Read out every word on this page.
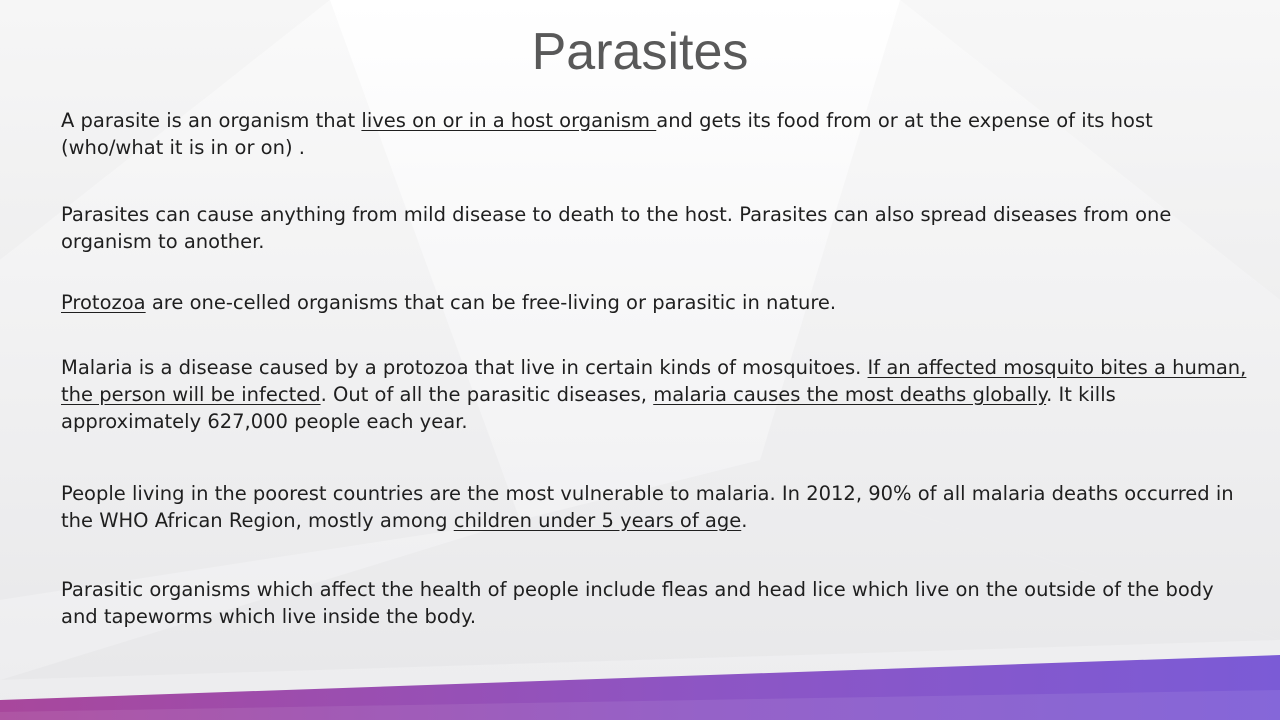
Parasites

A parasite is an organism that lives on or in a host organism and gets its food from or at the expense of its host (who/what it is in or on) .

Parasites can cause anything from mild disease to death to the host. Parasites can also spread diseases from one organism to another.

Protozoa are one-celled organisms that can be free-living or parasitic in nature.

Malaria is a disease caused by a protozoa that live in certain kinds of mosquitoes. If an affected mosquito bites a human, the person will be infected. Out of all the parasitic diseases, malaria causes the most deaths globally. It kills approximately 627,000 people each year.

People living in the poorest countries are the most vulnerable to malaria. In 2012, 90% of all malaria deaths occurred in the WHO African Region, mostly among children under 5 years of age.

Parasitic organisms which affect the health of people include fleas and head lice which live on the outside of the body and tapeworms which live inside the body.
